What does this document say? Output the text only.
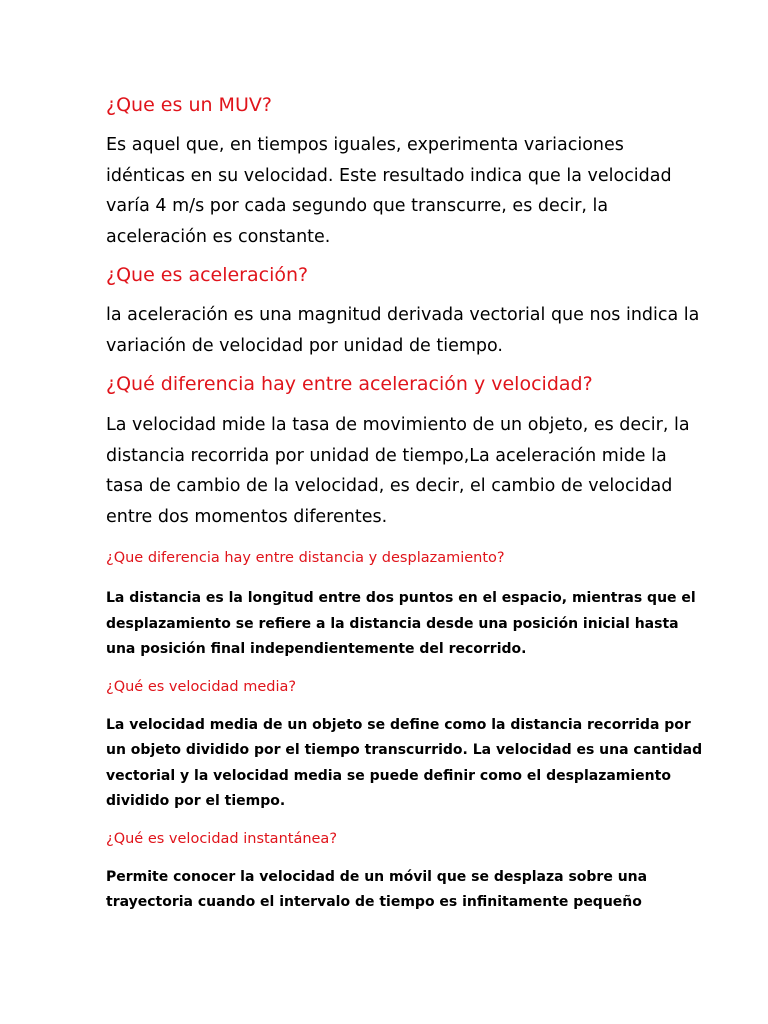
¿Que es un MUV?

Es aquel que, en tiempos iguales, experimenta variaciones idénticas en su velocidad. Este resultado indica que la velocidad varía 4 m/s por cada segundo que transcurre, es decir, la aceleración es constante.

¿Que es aceleración?

la aceleración es una magnitud derivada vectorial que nos indica la variación de velocidad por unidad de tiempo.

¿Qué diferencia hay entre aceleración y velocidad?

La velocidad mide la tasa de movimiento de un objeto, es decir, la distancia recorrida por unidad de tiempo,La aceleración mide la tasa de cambio de la velocidad, es decir, el cambio de velocidad entre dos momentos diferentes.

¿Que diferencia hay entre distancia y desplazamiento?

La distancia es la longitud entre dos puntos en el espacio, mientras que el desplazamiento se refiere a la distancia desde una posición inicial hasta una posición final independientemente del recorrido.

¿Qué es velocidad media?

La velocidad media de un objeto se define como la distancia recorrida por un objeto dividido por el tiempo transcurrido. La velocidad es una cantidad vectorial y la velocidad media se puede definir como el desplazamiento dividido por el tiempo.

¿Qué es velocidad instantánea?

Permite conocer la velocidad de un móvil que se desplaza sobre una trayectoria cuando el intervalo de tiempo es infinitamente pequeño
